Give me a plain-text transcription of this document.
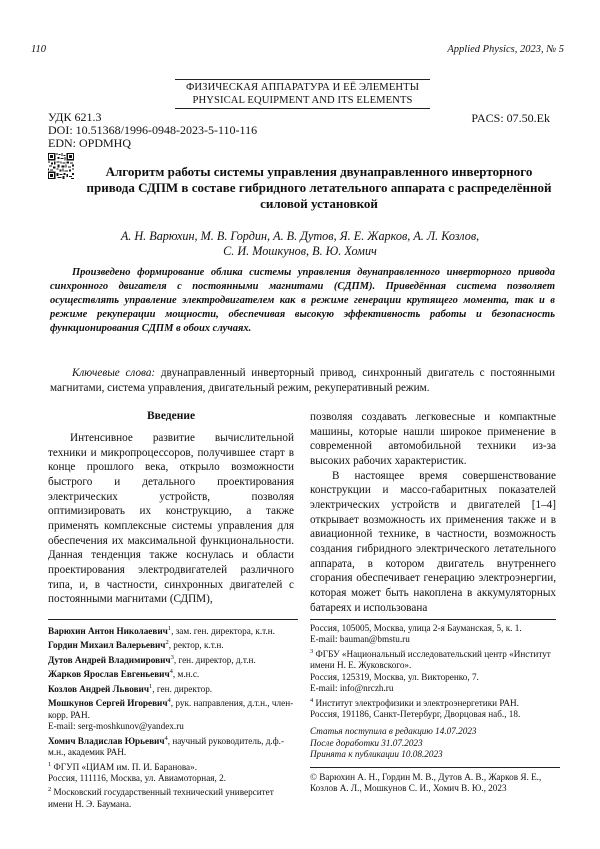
110	Applied Physics, 2023, № 5
ФИЗИЧЕСКАЯ АППАРАТУРА И ЕЁ ЭЛЕМЕНТЫ
PHYSICAL EQUIPMENT AND ITS ELEMENTS
УДК 621.3
DOI: 10.51368/1996-0948-2023-5-110-116
EDN: OPDMHQ
PACS: 07.50.Ek
Алгоритм работы системы управления двунаправленного инверторного привода СДПМ в составе гибридного летательного аппарата с распределённой силовой установкой
А. Н. Варюхин, М. В. Гордин, А. В. Дутов, Я. Е. Жарков, А. Л. Козлов,
С. И. Мошкунов, В. Ю. Хомич
Произведено формирование облика системы управления двунаправленного инверторного привода синхронного двигателя с постоянными магнитами (СДПМ). Приведённая система позволяет осуществлять управление электродвигателем как в режиме генерации крутящего момента, так и в режиме рекуперации мощности, обеспечивая высокую эффективность работы и безопасность функционирования СДПМ в обоих случаях.
Ключевые слова: двунаправленный инверторный привод, синхронный двигатель с постоянными магнитами, система управления, двигательный режим, рекуперативный режим.
Введение

Интенсивное развитие вычислительной техники и микропроцессоров, получившее старт в конце прошлого века, открыло возможности быстрого и детального проектирования электрических устройств, позволяя оптимизировать их конструкцию, а также применять комплексные системы управления для обеспечения их максимальной функциональности. Данная тенденция также коснулась и области проектирования электродвигателей различного типа, и, в частности, синхронных двигателей с постоянными магнитами (СДПМ),

позволяя создавать легковесные и компактные машины, которые нашли широкое применение в современной автомобильной техники из-за высоких рабочих характеристик.

В настоящее время совершенствование конструкции и массо-габаритных показателей электрических устройств и двигателей [1–4] открывает возможность их применения также и в авиационной технике, в частности, возможность создания гибридного электрического летательного аппарата, в котором двигатель внутреннего сгорания обеспечивает генерацию электроэнергии, которая может быть накоплена в аккумуляторных батареях и использована

Варюхин Антон Николаевич$^1$, зам. ген. директора, к.т.н.
Гордин Михаил Валерьевич$^2$, ректор, к.т.н.
Дутов Андрей Владимирович$^3$, ген. директор, д.т.н.
Жарков Ярослав Евгеньевич$^4$, м.н.с.
Козлов Андрей Львович$^1$, ген. директор.
Мошкунов Сергей Игоревич$^4$, рук. направления, д.т.н., член-корр. РАН.
E-mail: serg-moshkunov@yandex.ru
Хомич Владислав Юрьевич$^4$, научный руководитель, д.ф.-м.н., академик РАН.
$^1$ ФГУП «ЦИАМ им. П. И. Баранова».
Россия, 111116, Москва, ул. Авиамоторная, 2.
$^2$ Московский государственный технический университет имени Н. Э. Баумана.
Россия, 105005, Москва, улица 2-я Бауманская, 5, к. 1.
E-mail: bauman@bmstu.ru
$^3$ ФГБУ «Национальный исследовательский центр «Институт имени Н. Е. Жуковского».
Россия, 125319, Москва, ул. Викторенко, 7.
E-mail: info@nrczh.ru
$^4$ Институт электрофизики и электроэнергетики РАН.
Россия, 191186, Санкт-Петербург, Дворцовая наб., 18.
Статья поступила в редакцию 14.07.2023
После доработки 31.07.2023
Принята к публикации 10.08.2023
© Варюхин А. Н., Гордин М. В., Дутов А. В., Жарков Я. Е., Козлов А. Л., Мошкунов С. И., Хомич В. Ю., 2023
